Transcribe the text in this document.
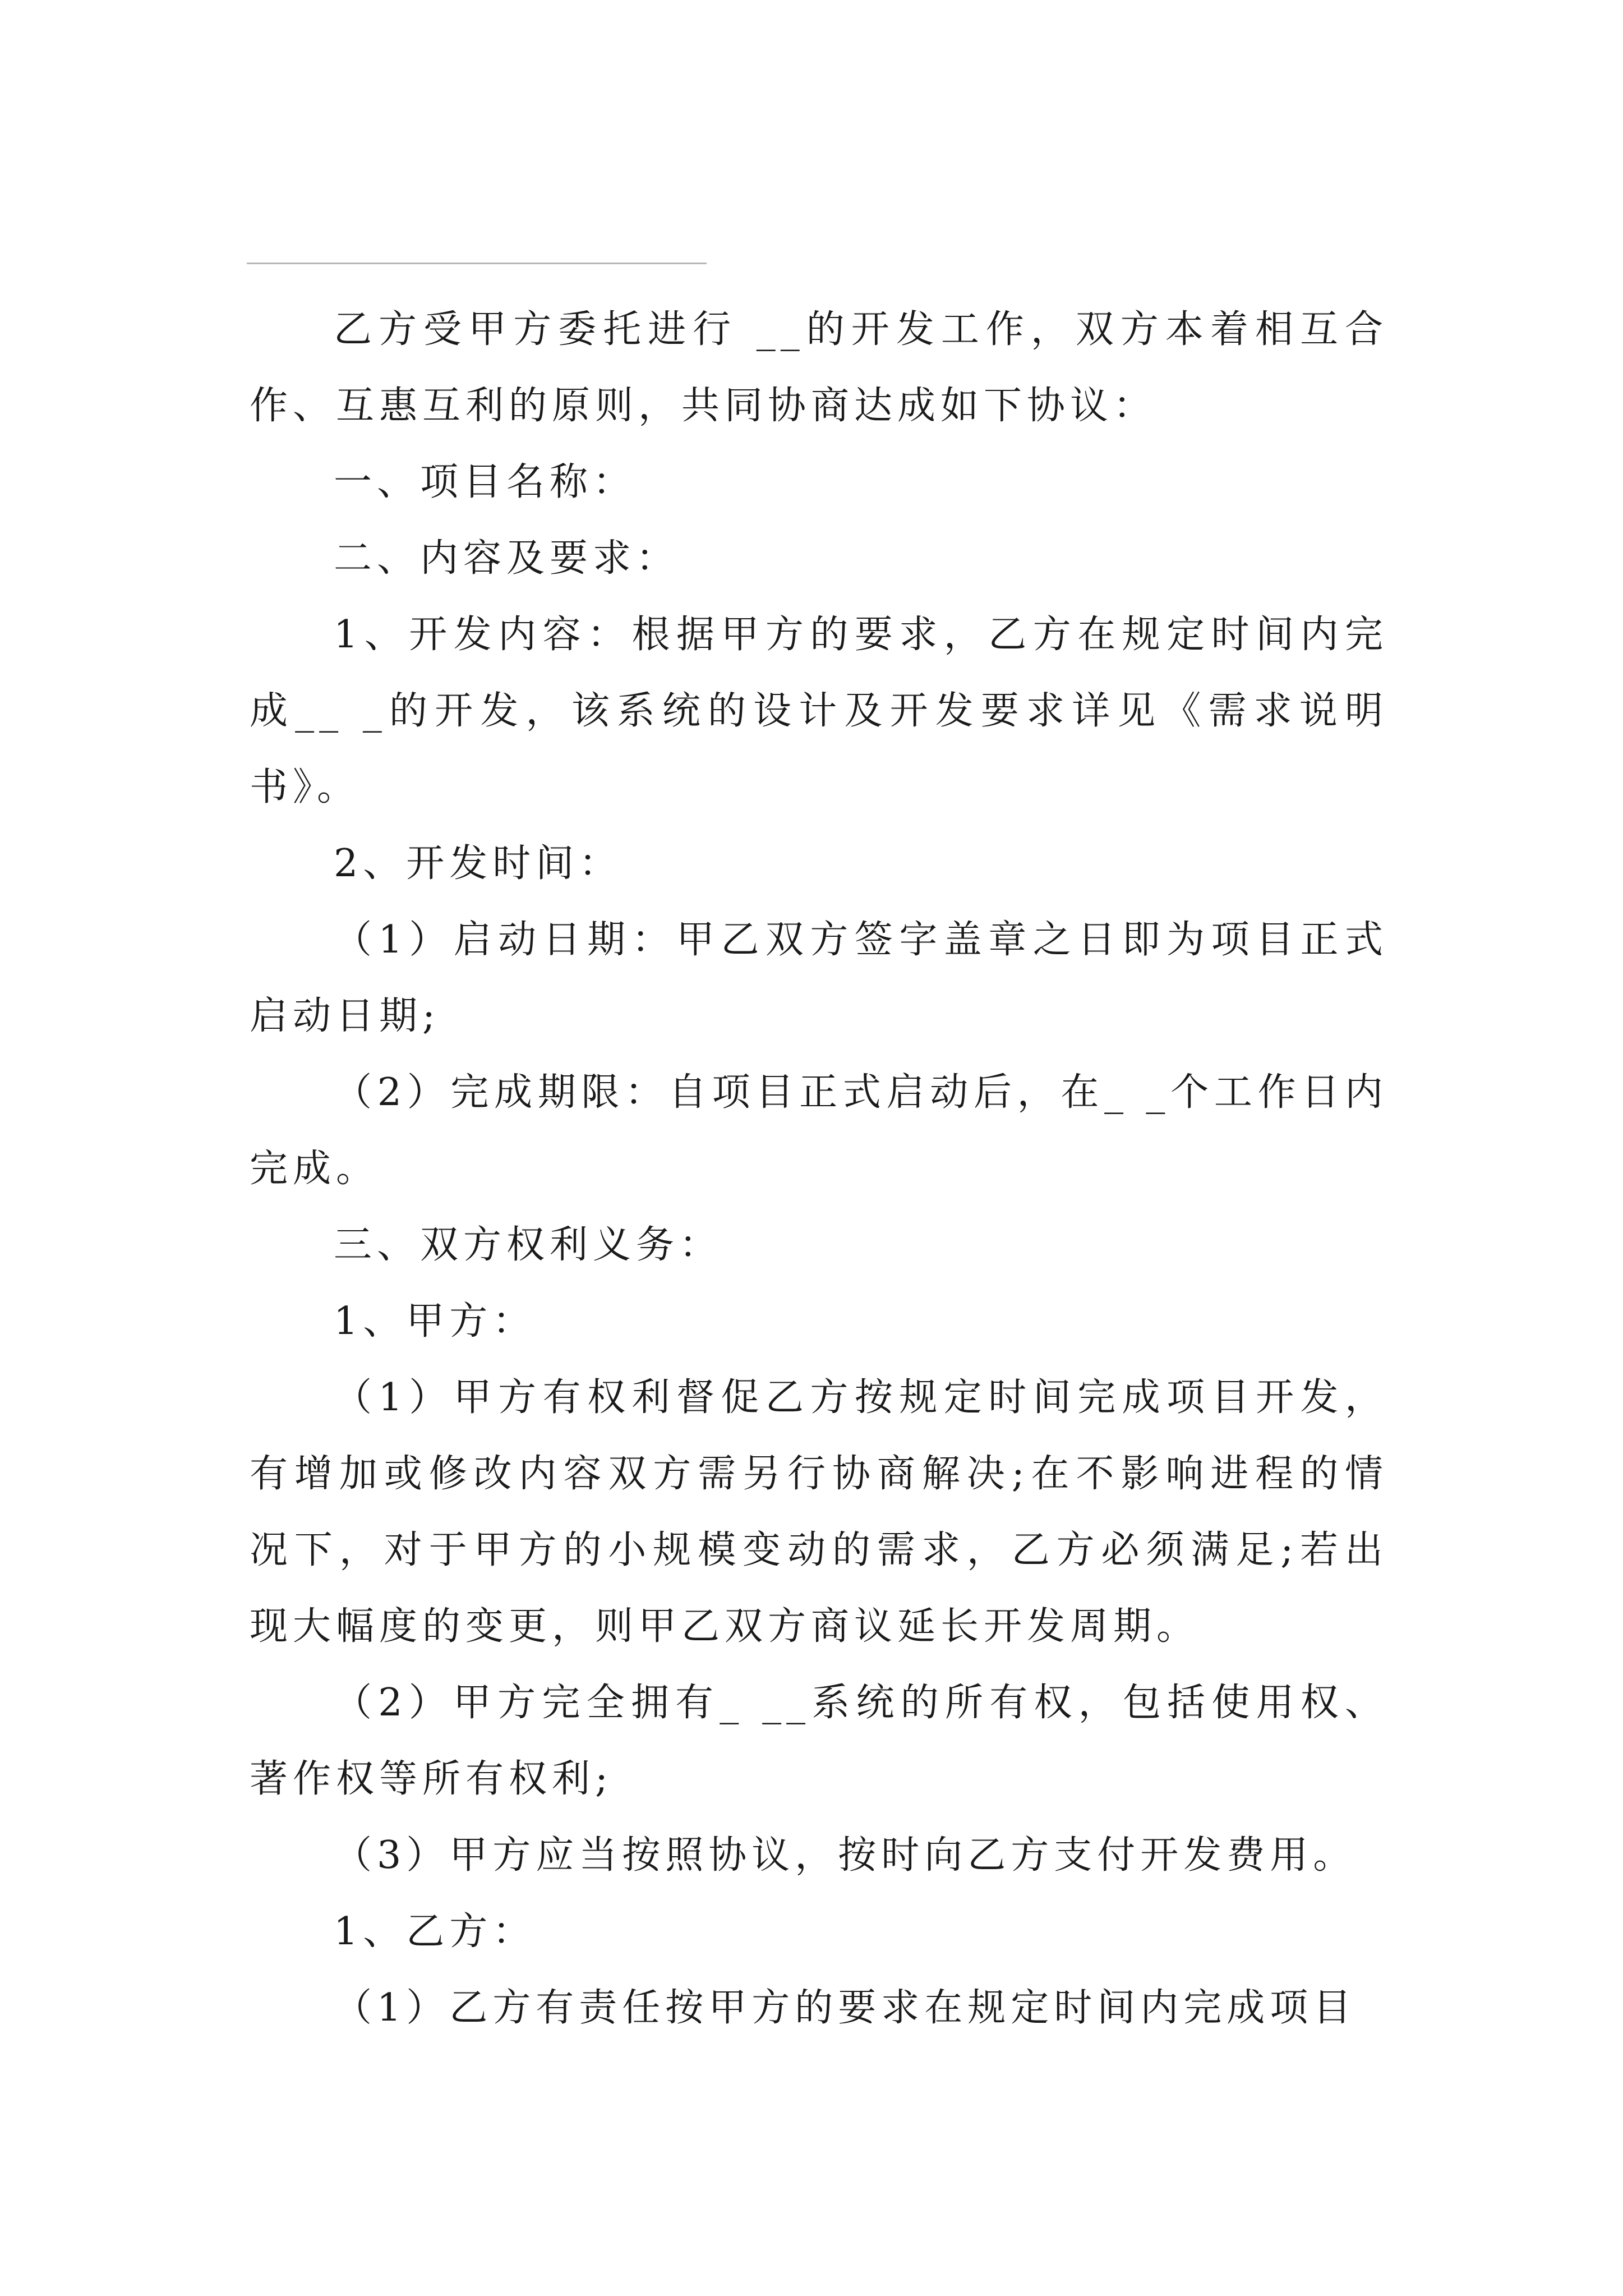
乙方受甲方委托进行 __的开发工作，双方本着相互合作、互惠互利的原则，共同协商达成如下协议：

一、项目名称：

二、内容及要求：

1、开发内容：根据甲方的要求，乙方在规定时间内完成__ _的开发，该系统的设计及开发要求详见《需求说明书》。

2、开发时间：

（1）启动日期：甲乙双方签字盖章之日即为项目正式启动日期;

（2）完成期限：自项目正式启动后，在_ _个工作日内完成。

三、双方权利义务：

1、甲方：

（1）甲方有权利督促乙方按规定时间完成项目开发，有增加或修改内容双方需另行协商解决;在不影响进程的情况下，对于甲方的小规模变动的需求，乙方必须满足;若出现大幅度的变更，则甲乙双方商议延长开发周期。

（2）甲方完全拥有_ __系统的所有权，包括使用权、著作权等所有权利;

（3）甲方应当按照协议，按时向乙方支付开发费用。

1、乙方：

（1）乙方有责任按甲方的要求在规定时间内完成项目
